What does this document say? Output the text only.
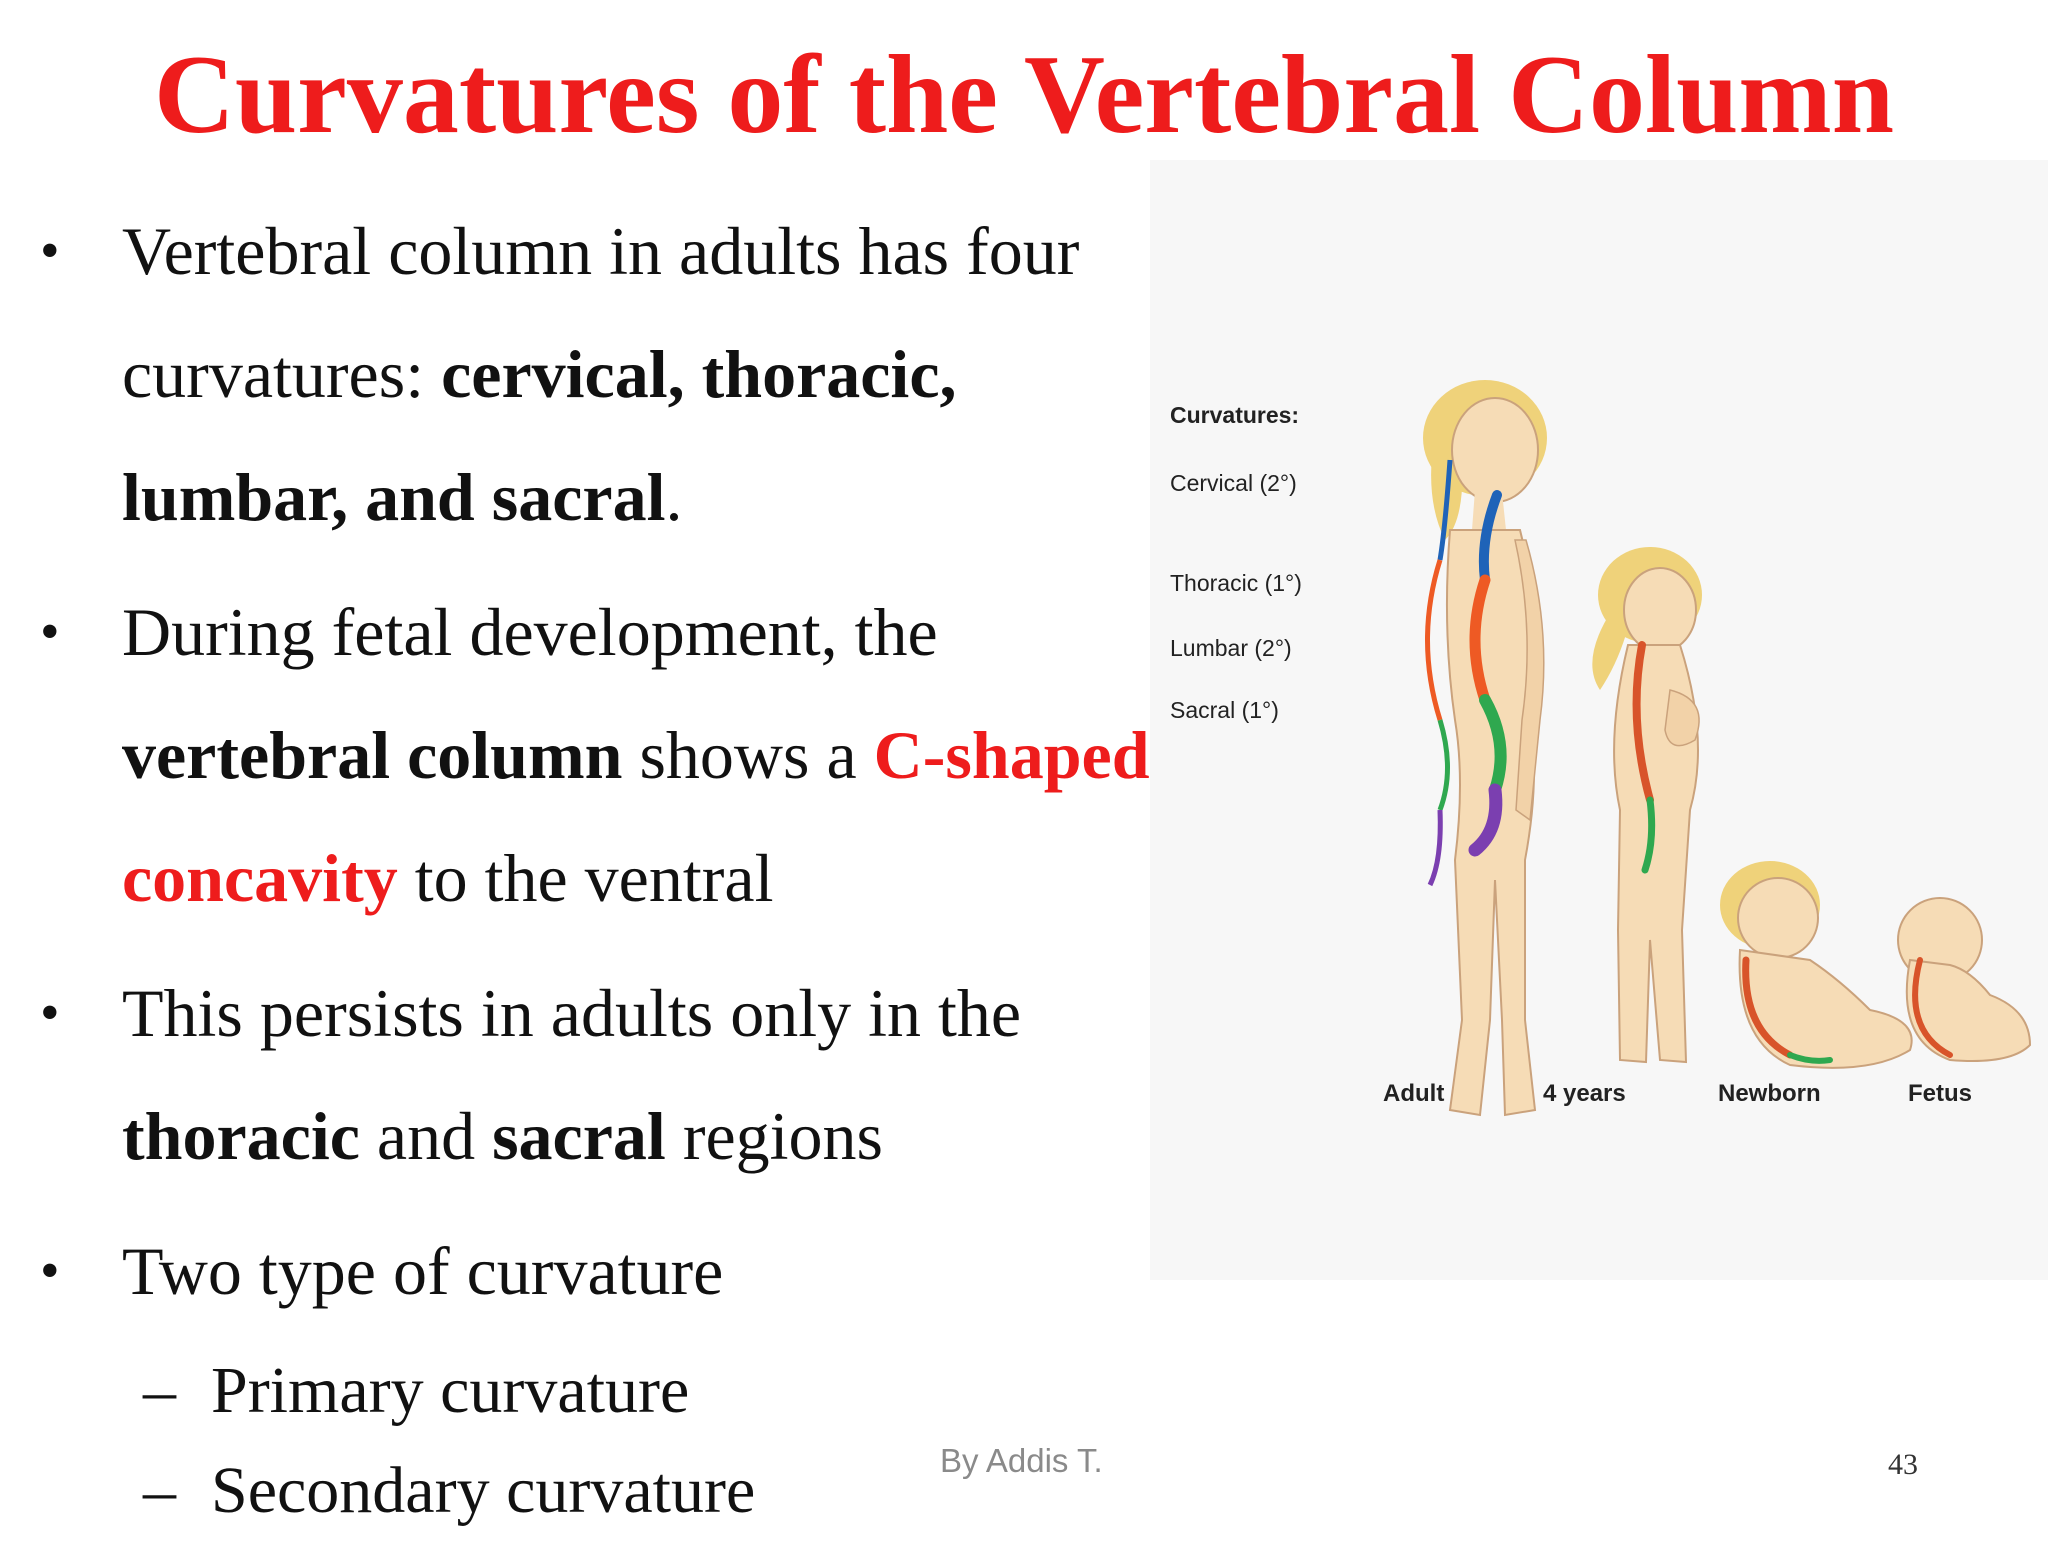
Curvatures of the Vertebral Column
• Vertebral column in adults has four curvatures: cervical, thoracic, lumbar, and sacral.
• During fetal development, the vertebral column shows a C-shaped concavity to the ventral
• This persists in adults only in the thoracic and sacral regions
• Two type of curvature
– Primary curvature
– Secondary curvature
Curvatures:
Cervical (2°)
Thoracic (1°)
Lumbar (2°)
Sacral (1°)
Adult	4 years	Newborn	Fetus
By Addis T.	43
